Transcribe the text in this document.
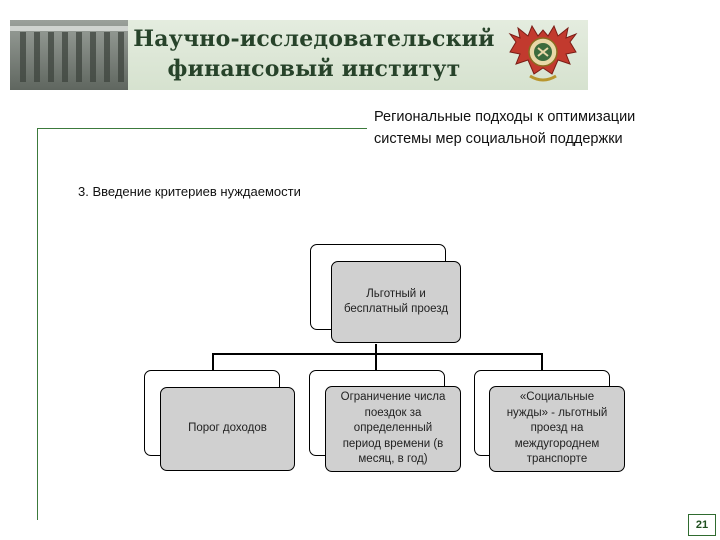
Научно-исследовательский
финансовый институт
Региональные подходы к оптимизации
системы мер социальной поддержки
3. Введение критериев нуждаемости
Льготный и
бесплатный проезд
Порог доходов
Ограничение числа
поездок за
определенный
период времени (в
месяц, в год)
«Социальные
нужды» - льготный
проезд на
междугороднем
транспорте
21
